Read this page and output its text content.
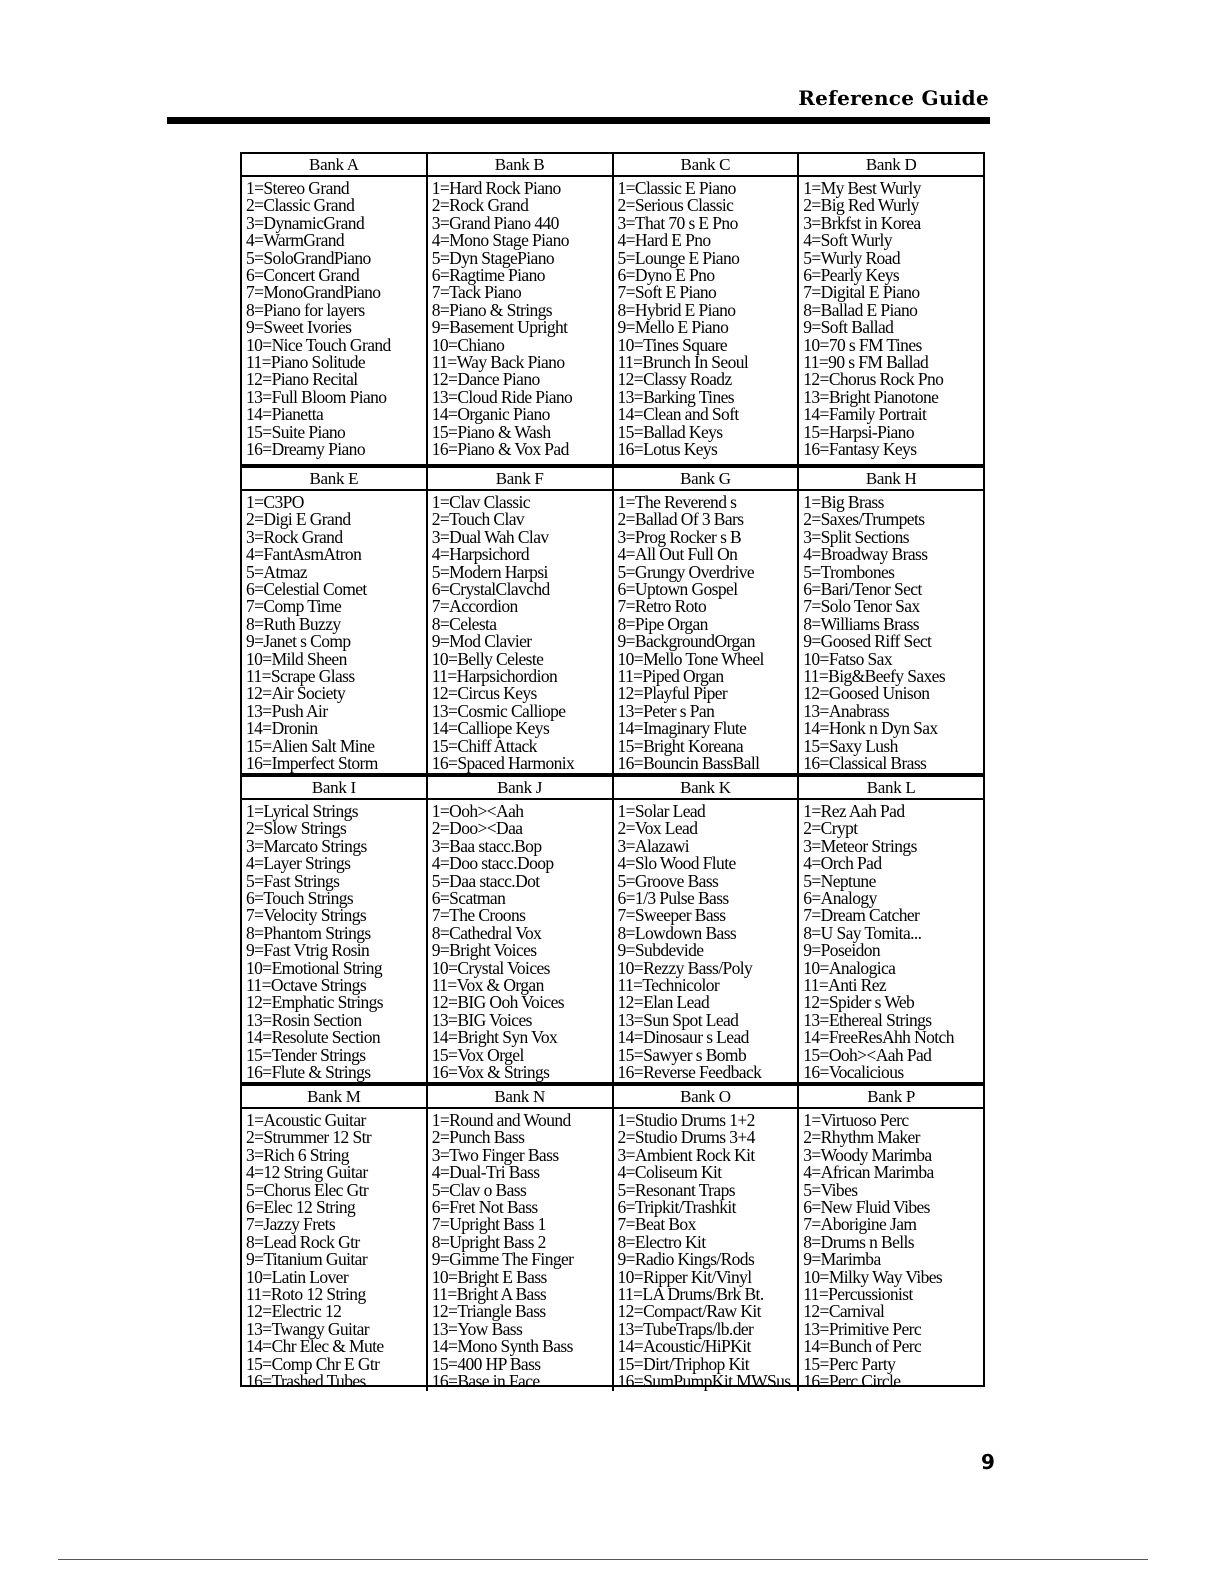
Reference Guide
Bank A
1=Stereo Grand
2=Classic Grand
3=DynamicGrand
4=WarmGrand
5=SoloGrandPiano
6=Concert Grand
7=MonoGrandPiano
8=Piano for layers
9=Sweet Ivories
10=Nice Touch Grand
11=Piano Solitude
12=Piano Recital
13=Full Bloom Piano
14=Pianetta
15=Suite Piano
16=Dreamy Piano
Bank B
1=Hard Rock Piano
2=Rock Grand
3=Grand Piano 440
4=Mono Stage Piano
5=Dyn StagePiano
6=Ragtime Piano
7=Tack Piano
8=Piano & Strings
9=Basement Upright
10=Chiano
11=Way Back Piano
12=Dance Piano
13=Cloud Ride Piano
14=Organic Piano
15=Piano & Wash
16=Piano & Vox Pad
Bank C
1=Classic E Piano
2=Serious Classic
3=That 70 s E Pno
4=Hard E Pno
5=Lounge E Piano
6=Dyno E Pno
7=Soft E Piano
8=Hybrid E Piano
9=Mello E Piano
10=Tines Square
11=Brunch In Seoul
12=Classy Roadz
13=Barking Tines
14=Clean and Soft
15=Ballad Keys
16=Lotus Keys
Bank D
1=My Best Wurly
2=Big Red Wurly
3=Brkfst in Korea
4=Soft Wurly
5=Wurly Road
6=Pearly Keys
7=Digital E Piano
8=Ballad E Piano
9=Soft Ballad
10=70 s FM Tines
11=90 s FM Ballad
12=Chorus Rock Pno
13=Bright Pianotone
14=Family Portrait
15=Harpsi-Piano
16=Fantasy Keys
Bank E
1=C3PO
2=Digi E Grand
3=Rock Grand
4=FantAsmAtron
5=Atmaz
6=Celestial Comet
7=Comp Time
8=Ruth Buzzy
9=Janet s Comp
10=Mild Sheen
11=Scrape Glass
12=Air Society
13=Push Air
14=Dronin
15=Alien Salt Mine
16=Imperfect Storm
Bank F
1=Clav Classic
2=Touch Clav
3=Dual Wah Clav
4=Harpsichord
5=Modern Harpsi
6=CrystalClavchd
7=Accordion
8=Celesta
9=Mod Clavier
10=Belly Celeste
11=Harpsichordion
12=Circus Keys
13=Cosmic Calliope
14=Calliope Keys
15=Chiff Attack
16=Spaced Harmonix
Bank G
1=The Reverend s
2=Ballad Of 3 Bars
3=Prog Rocker s B
4=All Out Full On
5=Grungy Overdrive
6=Uptown Gospel
7=Retro Roto
8=Pipe Organ
9=BackgroundOrgan
10=Mello Tone Wheel
11=Piped Organ
12=Playful Piper
13=Peter s Pan
14=Imaginary Flute
15=Bright Koreana
16=Bouncin BassBall
Bank H
1=Big Brass
2=Saxes/Trumpets
3=Split Sections
4=Broadway Brass
5=Trombones
6=Bari/Tenor Sect
7=Solo Tenor Sax
8=Williams Brass
9=Goosed Riff Sect
10=Fatso Sax
11=Big&Beefy Saxes
12=Goosed Unison
13=Anabrass
14=Honk n Dyn Sax
15=Saxy Lush
16=Classical Brass
Bank I
1=Lyrical Strings
2=Slow Strings
3=Marcato Strings
4=Layer Strings
5=Fast Strings
6=Touch Strings
7=Velocity Strings
8=Phantom Strings
9=Fast Vtrig Rosin
10=Emotional String
11=Octave Strings
12=Emphatic Strings
13=Rosin Section
14=Resolute Section
15=Tender Strings
16=Flute & Strings
Bank J
1=Ooh><Aah
2=Doo><Daa
3=Baa stacc.Bop
4=Doo stacc.Doop
5=Daa stacc.Dot
6=Scatman
7=The Croons
8=Cathedral Vox
9=Bright Voices
10=Crystal Voices
11=Vox & Organ
12=BIG Ooh Voices
13=BIG Voices
14=Bright Syn Vox
15=Vox Orgel
16=Vox & Strings
Bank K
1=Solar Lead
2=Vox Lead
3=Alazawi
4=Slo Wood Flute
5=Groove Bass
6=1/3 Pulse Bass
7=Sweeper Bass
8=Lowdown Bass
9=Subdevide
10=Rezzy Bass/Poly
11=Technicolor
12=Elan Lead
13=Sun Spot Lead
14=Dinosaur s Lead
15=Sawyer s Bomb
16=Reverse Feedback
Bank L
1=Rez Aah Pad
2=Crypt
3=Meteor Strings
4=Orch Pad
5=Neptune
6=Analogy
7=Dream Catcher
8=U Say Tomita...
9=Poseidon
10=Analogica
11=Anti Rez
12=Spider s Web
13=Ethereal Strings
14=FreeResAhh Notch
15=Ooh><Aah Pad
16=Vocalicious
Bank M
1=Acoustic Guitar
2=Strummer 12 Str
3=Rich 6 String
4=12 String Guitar
5=Chorus Elec Gtr
6=Elec 12 String
7=Jazzy Frets
8=Lead Rock Gtr
9=Titanium Guitar
10=Latin Lover
11=Roto 12 String
12=Electric 12
13=Twangy Guitar
14=Chr Elec & Mute
15=Comp Chr E Gtr
16=Trashed Tubes
Bank N
1=Round and Wound
2=Punch Bass
3=Two Finger Bass
4=Dual-Tri Bass
5=Clav o Bass
6=Fret Not Bass
7=Upright Bass 1
8=Upright Bass 2
9=Gimme The Finger
10=Bright E Bass
11=Bright A Bass
12=Triangle Bass
13=Yow Bass
14=Mono Synth Bass
15=400 HP Bass
16=Base in Face
Bank O
1=Studio Drums 1+2
2=Studio Drums 3+4
3=Ambient Rock Kit
4=Coliseum Kit
5=Resonant Traps
6=Tripkit/Trashkit
7=Beat Box
8=Electro Kit
9=Radio Kings/Rods
10=Ripper Kit/Vinyl
11=LA Drums/Brk Bt.
12=Compact/Raw Kit
13=TubeTraps/lb.der
14=Acoustic/HiPKit
15=Dirt/Triphop Kit
16=SumPumpKit MWSus
Bank P
1=Virtuoso Perc
2=Rhythm Maker
3=Woody Marimba
4=African Marimba
5=Vibes
6=New Fluid Vibes
7=Aborigine Jam
8=Drums n Bells
9=Marimba
10=Milky Way Vibes
11=Percussionist
12=Carnival
13=Primitive Perc
14=Bunch of Perc
15=Perc Party
16=Perc Circle
9
